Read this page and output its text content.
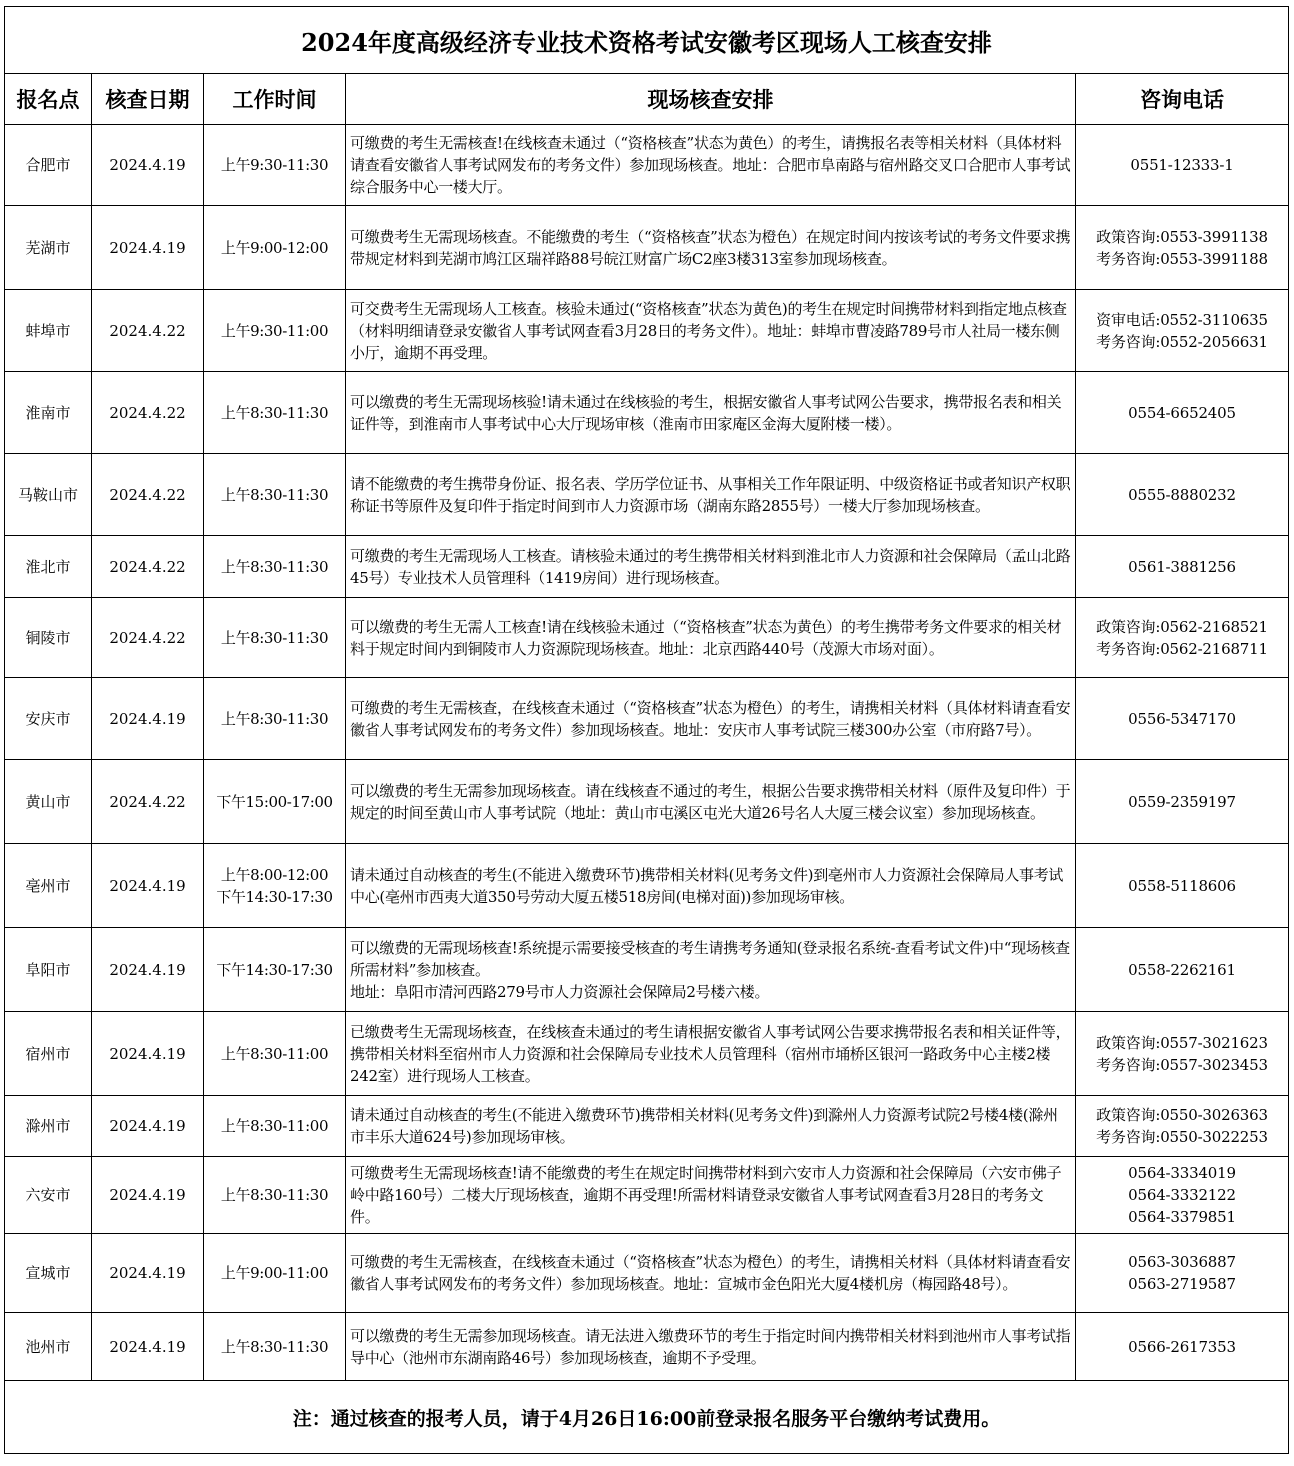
2024年度高级经济专业技术资格考试安徽考区现场人工核查安排				
报名点	核查日期	工作时间	现场核查安排	咨询电话
合肥市	2024.4.19	上午9:30-11:30	可缴费的考生无需核查!在线核查未通过（“资格核查”状态为黄色）的考生，请携报名表等相关材料（具体材料请查看安徽省人事考试网发布的考务文件）参加现场核查。地址：合肥市阜南路与宿州路交叉口合肥市人事考试综合服务中心一楼大厅。	0551-12333-1

芜湖市	2024.4.19	上午9:00-12:00	可缴费考生无需现场核查。不能缴费的考生（“资格核查”状态为橙色）在规定时间内按该考试的考务文件要求携带规定材料到芜湖市鸠江区瑞祥路88号皖江财富广场C2座3楼313室参加现场核查。	政策咨询:0553-3991138
考务咨询:0553-3991188

蚌埠市	2024.4.22	上午9:30-11:00	可交费考生无需现场人工核查。核验未通过(“资格核查”状态为黄色)的考生在规定时间携带材料到指定地点核查（材料明细请登录安徽省人事考试网查看3月28日的考务文件）。地址：蚌埠市曹凌路789号市人社局一楼东侧小厅，逾期不再受理。	资审电话:0552-3110635
考务咨询:0552-2056631

淮南市	2024.4.22	上午8:30-11:30	可以缴费的考生无需现场核验!请未通过在线核验的考生，根据安徽省人事考试网公告要求，携带报名表和相关证件等，到淮南市人事考试中心大厅现场审核（淮南市田家庵区金海大厦附楼一楼）。	0554-6652405

马鞍山市	2024.4.22	上午8:30-11:30	请不能缴费的考生携带身份证、报名表、学历学位证书、从事相关工作年限证明、中级资格证书或者知识产权职称证书等原件及复印件于指定时间到市人力资源市场（湖南东路2855号）一楼大厅参加现场核查。	0555-8880232

淮北市	2024.4.22	上午8:30-11:30	可缴费的考生无需现场人工核查。请核验未通过的考生携带相关材料到淮北市人力资源和社会保障局（孟山北路45号）专业技术人员管理科（1419房间）进行现场核查。	0561-3881256

铜陵市	2024.4.22	上午8:30-11:30	可以缴费的考生无需人工核查!请在线核验未通过（“资格核查”状态为黄色）的考生携带考务文件要求的相关材料于规定时间内到铜陵市人力资源院现场核查。地址：北京西路440号（茂源大市场对面）。	政策咨询:0562-2168521
考务咨询:0562-2168711

安庆市	2024.4.19	上午8:30-11:30	可缴费的考生无需核查，在线核查未通过（“资格核查”状态为橙色）的考生，请携相关材料（具体材料请查看安徽省人事考试网发布的考务文件）参加现场核查。地址：安庆市人事考试院三楼300办公室（市府路7号）。	0556-5347170

黄山市	2024.4.22	下午15:00-17:00	可以缴费的考生无需参加现场核查。请在线核查不通过的考生，根据公告要求携带相关材料（原件及复印件）于规定的时间至黄山市人事考试院（地址：黄山市屯溪区屯光大道26号名人大厦三楼会议室）参加现场核查。	0559-2359197

亳州市	2024.4.19	上午8:00-12:00
下午14:30-17:30	请未通过自动核查的考生(不能进入缴费环节)携带相关材料(见考务文件)到亳州市人力资源社会保障局人事考试中心(亳州市西夷大道350号劳动大厦五楼518房间(电梯对面))参加现场审核。	0558-5118606

阜阳市	2024.4.19	下午14:30-17:30	可以缴费的无需现场核查!系统提示需要接受核查的考生请携考务通知(登录报名系统-查看考试文件)中“现场核查所需材料”参加核查。
地址：阜阳市清河西路279号市人力资源社会保障局2号楼六楼。	0558-2262161

宿州市	2024.4.19	上午8:30-11:00	已缴费考生无需现场核查，在线核查未通过的考生请根据安徽省人事考试网公告要求携带报名表和相关证件等，携带相关材料至宿州市人力资源和社会保障局专业技术人员管理科（宿州市埇桥区银河一路政务中心主楼2楼242室）进行现场人工核查。	政策咨询:0557-3021623
考务咨询:0557-3023453

滁州市	2024.4.19	上午8:30-11:00	请未通过自动核查的考生(不能进入缴费环节)携带相关材料(见考务文件)到滁州人力资源考试院2号楼4楼(滁州市丰乐大道624号)参加现场审核。	政策咨询:0550-3026363
考务咨询:0550-3022253

六安市	2024.4.19	上午8:30-11:30	可缴费考生无需现场核查!请不能缴费的考生在规定时间携带材料到六安市人力资源和社会保障局（六安市佛子岭中路160号）二楼大厅现场核查，逾期不再受理!所需材料请登录安徽省人事考试网查看3月28日的考务文件。	0564-3334019
0564-3332122
0564-3379851

宣城市	2024.4.19	上午9:00-11:00	可缴费的考生无需核查，在线核查未通过（“资格核查”状态为橙色）的考生，请携相关材料（具体材料请查看安徽省人事考试网发布的考务文件）参加现场核查。地址：宣城市金色阳光大厦4楼机房（梅园路48号）。	0563-3036887
0563-2719587

池州市	2024.4.19	上午8:30-11:30	可以缴费的考生无需参加现场核查。请无法进入缴费环节的考生于指定时间内携带相关材料到池州市人事考试指导中心（池州市东湖南路46号）参加现场核查，逾期不予受理。	0566-2617353

注：通过核查的报考人员，请于4月26日16:00前登录报名服务平台缴纳考试费用。				
